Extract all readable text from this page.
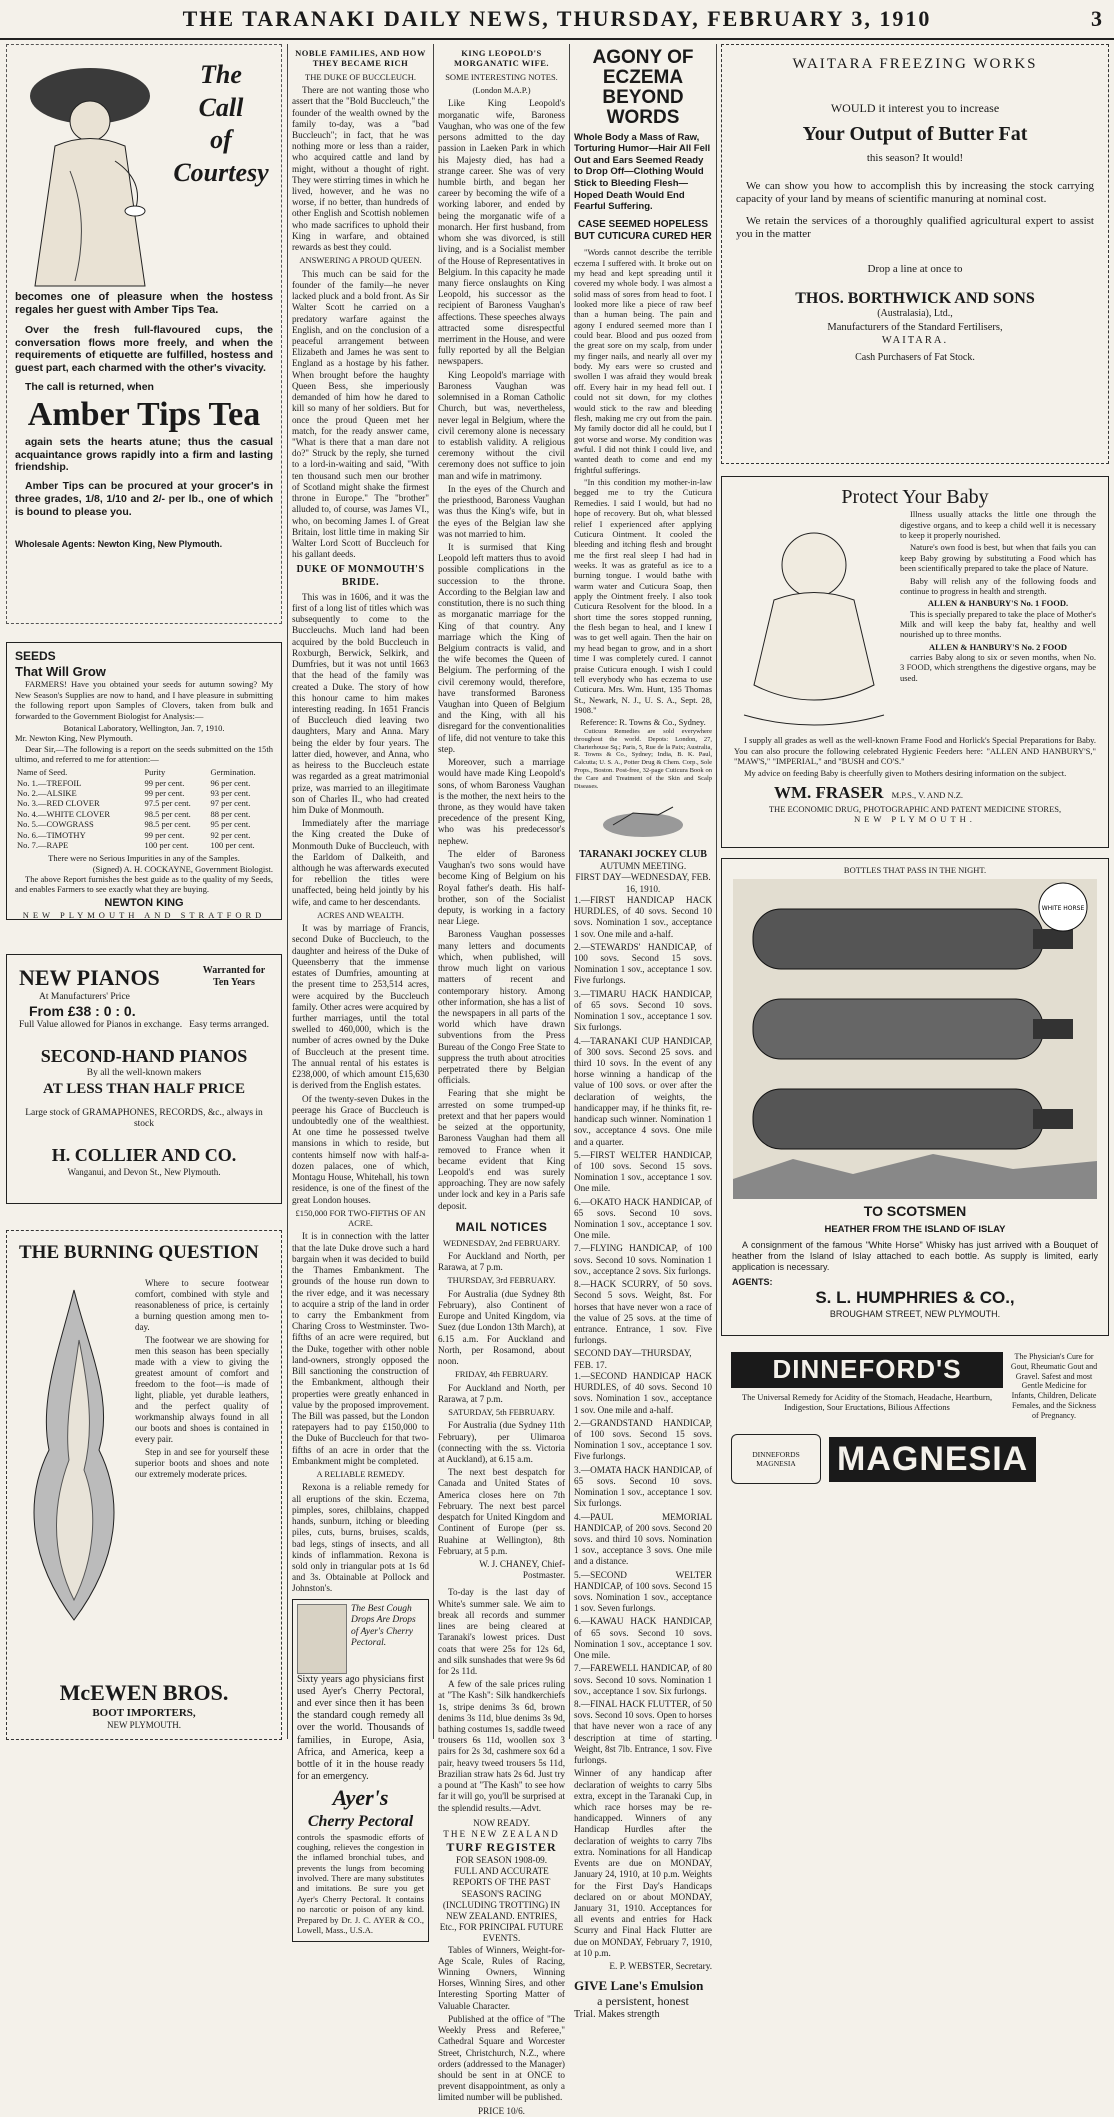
THE TARANAKI DAILY NEWS, THURSDAY, FEBRUARY 3, 1910	3
The
Call
of
Courtesy
becomes one of pleasure when the hostess regales her guest with Amber Tips Tea.

Over the fresh full-flavoured cups, the conversation flows more freely, and when the requirements of etiquette are fulfilled, hostess and guest part, each charmed with the other's vivacity.

The call is returned, when

Amber Tips Tea

again sets the hearts atune; thus the casual acquaintance grows rapidly into a firm and lasting friendship.

Amber Tips can be procured at your grocer's in three grades, 1/8, 1/10 and 2/- per lb., one of which is bound to please you.

Wholesale Agents: Newton King, New Plymouth.
SEEDS
That Will Grow

FARMERS! Have you obtained your seeds for autumn sowing? My New Season's Supplies are now to hand, and I have pleasure in submitting the following report upon Samples of Clovers, taken from bulk and forwarded to the Government Biologist for Analysis:—

Botanical Laboratory, Wellington, Jan. 7, 1910.
Mr. Newton King, New Plymouth.

Dear Sir,—The following is a report on the seeds submitted on the 15th ultimo, and referred to me for attention:—

Name of Seed.	Purity	Germination.
No. 1.—TREFOIL	99 per cent.	96 per cent.
No. 2.—ALSIKE	99 per cent.	93 per cent.
No. 3.—RED CLOVER	97.5 per cent.	97 per cent.
No. 4.—WHITE CLOVER	98.5 per cent.	88 per cent.
No. 5.—COWGRASS	98.5 per cent.	95 per cent.
No. 6.—TIMOTHY	99 per cent.	92 per cent.
No. 7.—RAPE	100 per cent.	100 per cent.
There were no Serious Impurities in any of the Samples.
(Signed) A. H. COCKAYNE, Government Biologist.

The above Report furnishes the best guide as to the quality of my Seeds, and enables Farmers to see exactly what they are buying.

NEWTON KING
NEW PLYMOUTH AND STRATFORD
NEW PIANOS	Warranted for Ten Years
At Manufacturers' Price
From £38 : 0 : 0.
Full Value allowed for Pianos in exchange. Easy terms arranged.
SECOND-HAND PIANOS
By all the well-known makers
AT LESS THAN HALF PRICE
Large stock of GRAMAPHONES, RECORDS, &c., always in stock
H. COLLIER AND CO.
Wanganui, and Devon St., New Plymouth.
THE BURNING QUESTION

Where to secure footwear comfort, combined with style and reasonableness of price, is certainly a burning question among men to-day.

The footwear we are showing for men this season has been specially made with a view to giving the greatest amount of comfort and freedom to the foot—is made of light, pliable, yet durable leathers, and the perfect quality of workmanship always found in all our boots and shoes is contained in every pair.

Step in and see for yourself these superior boots and shoes and note our extremely moderate prices.

McEWEN BROS.
BOOT IMPORTERS,
NEW PLYMOUTH.
NOBLE FAMILIES, AND HOW THEY BECAME RICH
THE DUKE OF BUCCLEUCH.

There are not wanting those who assert that the "Bold Buccleuch," the founder of the wealth owned by the family to-day, was a "bad Buccleuch"; in fact, that he was nothing more or less than a raider, who acquired cattle and land by might, without a thought of right. They were stirring times in which he lived, however, and he was no worse, if no better, than hundreds of other English and Scottish noblemen who made sacrifices to uphold their King in warfare, and obtained rewards as best they could.

ANSWERING A PROUD QUEEN.

This much can be said for the founder of the family—he never lacked pluck and a bold front. As Sir Walter Scott he carried on a predatory warfare against the English, and on the conclusion of a peaceful arrangement between Elizabeth and James he was sent to England as a hostage by his father. When brought before the haughty Queen Bess, she imperiously demanded of him how he dared to kill so many of her soldiers. But for once the proud Queen met her match, for the ready answer came, "What is there that a man dare not do?" Struck by the reply, she turned to a lord-in-waiting and said, "With ten thousand such men our brother of Scotland might shake the firmest throne in Europe." The "brother" alluded to, of course, was James VI., who, on becoming James I. of Great Britain, lost little time in making Sir Walter Lord Scott of Buccleuch for his gallant deeds.

DUKE OF MONMOUTH'S BRIDE.

This was in 1606, and it was the first of a long list of titles which was subsequently to come to the Buccleuchs. Much land had been acquired by the bold Buccleuch in Roxburgh, Berwick, Selkirk, and Dumfries, but it was not until 1663 that the head of the family was created a Duke. The story of how this honour came to him makes interesting reading. In 1651 Francis of Buccleuch died leaving two daughters, Mary and Anna. Mary being the elder by four years. The latter died, however, and Anna, who as heiress to the Buccleuch estate was regarded as a great matrimonial prize, was married to an illegitimate son of Charles II., who had created him Duke of Monmouth.

Immediately after the marriage the King created the Duke of Monmouth Duke of Buccleuch, with the Earldom of Dalkeith, and although he was afterwards executed for rebellion the titles were unaffected, being held jointly by his wife, and came to her descendants.

ACRES AND WEALTH.

It was by marriage of Francis, second Duke of Buccleuch, to the daughter and heiress of the Duke of Queensberry that the immense estates of Dumfries, amounting at the present time to 253,514 acres, were acquired by the Buccleuch family. Other acres were acquired by further marriages, until the total swelled to 460,000, which is the number of acres owned by the Duke of Buccleuch at the present time. The annual rental of his estates is £238,000, of which amount £15,630 is derived from the English estates.

Of the twenty-seven Dukes in the peerage his Grace of Buccleuch is undoubtedly one of the wealthiest. At one time he possessed twelve mansions in which to reside, but contents himself now with half-a-dozen palaces, one of which, Montagu House, Whitehall, his town residence, is one of the finest of the great London houses.

£150,000 FOR TWO-FIFTHS OF AN ACRE.

It is in connection with the latter that the late Duke drove such a hard bargain when it was decided to build the Thames Embankment. The grounds of the house run down to the river edge, and it was necessary to acquire a strip of the land in order to carry the Embankment from Charing Cross to Westminster. Two-fifths of an acre were required, but the Duke, together with other noble land-owners, strongly opposed the Bill sanctioning the construction of the Embankment, although their properties were greatly enhanced in value by the proposed improvement. The Bill was passed, but the London ratepayers had to pay £150,000 to the Duke of Buccleuch for that two-fifths of an acre in order that the Embankment might be completed.

A RELIABLE REMEDY.

Rexona is a reliable remedy for all eruptions of the skin. Eczema, pimples, sores, chilblains, chapped hands, sunburn, itching or bleeding piles, cuts, burns, bruises, scalds, bad legs, stings of insects, and all kinds of inflammation. Rexona is sold only in triangular pots at 1s 6d and 3s. Obtainable at Pollock and Johnston's.

The Best Cough Drops Are Drops of Ayer's Cherry Pectoral.

Sixty years ago physicians first used Ayer's Cherry Pectoral, and ever since then it has been the standard cough remedy all over the world. Thousands of families, in Europe, Asia, Africa, and America, keep a bottle of it in the house ready for an emergency.

Ayer's
Cherry Pectoral

controls the spasmodic efforts of coughing, relieves the congestion in the inflamed bronchial tubes, and prevents the lungs from becoming involved. There are many substitutes and imitations. Be sure you get Ayer's Cherry Pectoral. It contains no narcotic or poison of any kind. Prepared by Dr. J. C. AYER & CO., Lowell, Mass., U.S.A.

KING LEOPOLD'S MORGANATIC WIFE.
SOME INTERESTING NOTES.
(London M.A.P.)

Like King Leopold's morganatic wife, Baroness Vaughan, who was one of the few persons admitted to the day passion in Laeken Park in which his Majesty died, has had a strange career. She was of very humble birth, and began her career by becoming the wife of a working laborer, and ended by being the morganatic wife of a monarch. Her first husband, from whom she was divorced, is still living, and is a Socialist member of the House of Representatives in Belgium. In this capacity he made many fierce onslaughts on King Leopold, his successor as the recipient of Baroness Vaughan's affections. These speeches always attracted some disrespectful merriment in the House, and were fully reported by all the Belgian newspapers.

King Leopold's marriage with Baroness Vaughan was solemnised in a Roman Catholic Church, but was, nevertheless, never legal in Belgium, where the civil ceremony alone is necessary to establish validity. A religious ceremony without the civil ceremony does not suffice to join man and wife in matrimony.

In the eyes of the Church and the priesthood, Baroness Vaughan was thus the King's wife, but in the eyes of the Belgian law she was not married to him.

It is surmised that King Leopold left matters thus to avoid possible complications in the succession to the throne. According to the Belgian law and constitution, there is no such thing as morganatic marriage for the King of that country. Any marriage which the King of Belgium contracts is valid, and the wife becomes the Queen of Belgium. The performing of the civil ceremony would, therefore, have transformed Baroness Vaughan into Queen of Belgium and the King, with all his disregard for the conventionalities of life, did not venture to take this step.

Moreover, such a marriage would have made King Leopold's sons, of whom Baroness Vaughan is the mother, the next heirs to the throne, as they would have taken precedence of the present King, who was his predecessor's nephew.

The elder of Baroness Vaughan's two sons would have become King of Belgium on his Royal father's death. His half-brother, son of the Socialist deputy, is working in a factory near Liege.

Baroness Vaughan possesses many letters and documents which, when published, will throw much light on various matters of recent and contemporary history. Among other information, she has a list of the newspapers in all parts of the world which have drawn subventions from the Press Bureau of the Congo Free State to suppress the truth about atrocities perpetrated there by Belgian officials.

Fearing that she might be arrested on some trumped-up pretext and that her papers would be seized at the opportunity, Baroness Vaughan had them all removed to France when it became evident that King Leopold's end was surely approaching. They are now safely under lock and key in a Paris safe deposit.

MAIL NOTICES
WEDNESDAY, 2nd FEBRUARY.

For Auckland and North, per Rarawa, at 7 p.m.

THURSDAY, 3rd FEBRUARY.

For Australia (due Sydney 8th February), also Continent of Europe and United Kingdom, via Suez (due London 13th March), at 6.15 a.m. For Auckland and North, per Rosamond, about noon.

FRIDAY, 4th FEBRUARY.

For Auckland and North, per Rarawa, at 7 p.m.

SATURDAY, 5th FEBRUARY.

For Australia (due Sydney 11th February), per Ulimaroa (connecting with the ss. Victoria at Auckland), at 6.15 a.m.

The next best despatch for Canada and United States of America closes here on 7th February. The next best parcel despatch for United Kingdom and Continent of Europe (per ss. Ruahine at Wellington), 8th February, at 5 p.m.

W. J. CHANEY, Chief-Postmaster.

To-day is the last day of White's summer sale. We aim to break all records and summer lines are being cleared at Taranaki's lowest prices. Dust coats that were 25s for 12s 6d, and silk sunshades that were 9s 6d for 2s 11d.

A few of the sale prices ruling at "The Kash": Silk handkerchiefs 1s, stripe denims 3s 6d, brown denims 3s 11d, blue denims 3s 9d, bathing costumes 1s, saddle tweed trousers 6s 11d, woollen sox 3 pairs for 2s 3d, cashmere sox 6d a pair, heavy tweed trousers 5s 11d, Brazilian straw hats 2s 6d. Just try a pound at "The Kash" to see how far it will go, you'll be surprised at the splendid results.—Advt.

NOW READY.
THE NEW ZEALAND
TURF REGISTER
FOR SEASON 1908-09.
FULL AND ACCURATE REPORTS OF THE PAST SEASON'S RACING (INCLUDING TROTTING) IN NEW ZEALAND. ENTRIES, Etc., FOR PRINCIPAL FUTURE EVENTS.

Tables of Winners, Weight-for-Age Scale, Rules of Racing, Winning Owners, Winning Horses, Winning Sires, and other Interesting Sporting Matter of Valuable Character.

Published at the office of "The Weekly Press and Referee," Cathedral Square and Worcester Street, Christchurch, N.Z., where orders (addressed to the Manager) should be sent in at ONCE to prevent disappointment, as only a limited number will be published.

PRICE 10/6.
AGONY OF ECZEMA
BEYOND WORDS
Whole Body a Mass of Raw, Torturing Humor—Hair All Fell Out and Ears Seemed Ready to Drop Off—Clothing Would Stick to Bleeding Flesh—Hoped Death Would End Fearful Suffering.
CASE SEEMED HOPELESS BUT CUTICURA CURED HER

"Words cannot describe the terrible eczema I suffered with. It broke out on my head and kept spreading until it covered my whole body. I was almost a solid mass of sores from head to foot. I looked more like a piece of raw beef than a human being. The pain and agony I endured seemed more than I could bear. Blood and pus oozed from the great sore on my scalp, from under my finger nails, and nearly all over my body. My ears were so crusted and swollen I was afraid they would break off. Every hair in my head fell out. I could not sit down, for my clothes would stick to the raw and bleeding flesh, making me cry out from the pain. My family doctor did all he could, but I got worse and worse. My condition was awful. I did not think I could live, and wanted death to come and end my frightful sufferings.

"In this condition my mother-in-law begged me to try the Cuticura Remedies. I said I would, but had no hope of recovery. But oh, what blessed relief I experienced after applying Cuticura Ointment. It cooled the bleeding and itching flesh and brought me the first real sleep I had had in weeks. It was as grateful as ice to a burning tongue. I would bathe with warm water and Cuticura Soap, then apply the Ointment freely. I also took Cuticura Resolvent for the blood. In a short time the sores stopped running, the flesh began to heal, and I knew I was to get well again. Then the hair on my head began to grow, and in a short time I was completely cured. I cannot praise Cuticura enough. I wish I could tell everybody who has eczema to use Cuticura. Mrs. Wm. Hunt, 135 Thomas St., Newark, N. J., U. S. A., Sept. 28, 1908."

Reference: R. Towns & Co., Sydney.

Cuticura Remedies are sold everywhere throughout the world. Depots: London, 27, Charterhouse Sq.; Paris, 5, Rue de la Paix; Australia, R. Towns & Co., Sydney; India, B. K. Paul, Calcutta; U. S. A., Potter Drug & Chem. Corp., Sole Props., Boston. Post-free, 32-page Cuticura Book on the Care and Treatment of the Skin and Scalp Diseases.

TARANAKI JOCKEY CLUB
AUTUMN MEETING.
FIRST DAY—WEDNESDAY, FEB. 16, 1910.

1.—FIRST HANDICAP HACK HURDLES, of 40 sovs. Second 10 sovs. Nomination 1 sov., acceptance 1 sov. One mile and a-half.

2.—STEWARDS' HANDICAP, of 100 sovs. Second 15 sovs. Nomination 1 sov., acceptance 1 sov. Five furlongs.

3.—TIMARU HACK HANDICAP, of 65 sovs. Second 10 sovs. Nomination 1 sov., acceptance 1 sov. Six furlongs.

4.—TARANAKI CUP HANDICAP, of 300 sovs. Second 25 sovs. and third 10 sovs. In the event of any horse winning a handicap of the value of 100 sovs. or over after the declaration of weights, the handicapper may, if he thinks fit, re-handicap such winner. Nomination 1 sov., acceptance 4 sovs. One mile and a quarter.

5.—FIRST WELTER HANDICAP, of 100 sovs. Second 15 sovs. Nomination 1 sov., acceptance 1 sov. One mile.

6.—OKATO HACK HANDICAP, of 65 sovs. Second 10 sovs. Nomination 1 sov., acceptance 1 sov. One mile.

7.—FLYING HANDICAP, of 100 sovs. Second 10 sovs. Nomination 1 sov., acceptance 2 sovs. Six furlongs.

8.—HACK SCURRY, of 50 sovs. Second 5 sovs. Weight, 8st. For horses that have never won a race of the value of 25 sovs. at the time of entrance. Entrance, 1 sov. Five furlongs.

SECOND DAY—THURSDAY, FEB. 17.

1.—SECOND HANDICAP HACK HURDLES, of 40 sovs. Second 10 sovs. Nomination 1 sov., acceptance 1 sov. One mile and a-half.

2.—GRANDSTAND HANDICAP, of 100 sovs. Second 15 sovs. Nomination 1 sov., acceptance 1 sov. Five furlongs.

3.—OMATA HACK HANDICAP, of 65 sovs. Second 10 sovs. Nomination 1 sov., acceptance 1 sov. Six furlongs.

4.—PAUL MEMORIAL HANDICAP, of 200 sovs. Second 20 sovs. and third 10 sovs. Nomination 1 sov., acceptance 3 sovs. One mile and a distance.

5.—SECOND WELTER HANDICAP, of 100 sovs. Second 15 sovs. Nomination 1 sov., acceptance 1 sov. Seven furlongs.

6.—KAWAU HACK HANDICAP, of 65 sovs. Second 10 sovs. Nomination 1 sov., acceptance 1 sov. One mile.

7.—FAREWELL HANDICAP, of 80 sovs. Second 10 sovs. Nomination 1 sov., acceptance 1 sov. Six furlongs.

8.—FINAL HACK FLUTTER, of 50 sovs. Second 10 sovs. Open to horses that have never won a race of any description at time of starting. Weight, 8st 7lb. Entrance, 1 sov. Five furlongs.

Winner of any handicap after declaration of weights to carry 5lbs extra, except in the Taranaki Cup, in which race horses may be re-handicapped. Winners of any Handicap Hurdles after the declaration of weights to carry 7lbs extra. Nominations for all Handicap Events are due on MONDAY, January 24, 1910, at 10 p.m. Weights for the First Day's Handicaps declared on or about MONDAY, January 31, 1910. Acceptances for all events and entries for Hack Scurry and Final Hack Flutter are due on MONDAY, February 7, 1910, at 10 p.m.

E. P. WEBSTER, Secretary.
GIVE Lane's Emulsion
a persistent, honest
Trial. Makes strength
WAITARA FREEZING WORKS
WOULD it interest you to increase
Your Output of Butter Fat
this season? It would!

We can show you how to accomplish this by increasing the stock carrying capacity of your land by means of scientific manuring at nominal cost.

We retain the services of a thoroughly qualified agricultural expert to assist you in the matter

Drop a line at once to
THOS. BORTHWICK AND SONS
(Australasia), Ltd.,
Manufacturers of the Standard Fertilisers,
WAITARA.
Cash Purchasers of Fat Stock.
Protect Your Baby

Illness usually attacks the little one through the digestive organs, and to keep a child well it is necessary to keep it properly nourished.

Nature's own food is best, but when that fails you can keep Baby growing by substituting a Food which has been scientifically prepared to take the place of Nature.

Baby will relish any of the following foods and continue to progress in health and strength.

ALLEN & HANBURY'S No. 1 FOOD.

This is specially prepared to take the place of Mother's Milk and will keep the baby fat, healthy and well nourished up to three months.

ALLEN & HANBURY'S No. 2 FOOD

carries Baby along to six or seven months, when No. 3 FOOD, which strengthens the digestive organs, may be used.

I supply all grades as well as the well-known Frame Food and Horlick's Special Preparations for Baby. You can also procure the following celebrated Hygienic Feeders here: "ALLEN AND HANBURY'S," "MAW'S," "IMPERIAL," and "BUSH and CO'S."

My advice on feeding Baby is cheerfully given to Mothers desiring information on the subject.

WM. FRASER M.P.S., V. AND N.Z.
THE ECONOMIC DRUG, PHOTOGRAPHIC AND PATENT MEDICINE STORES,
NEW PLYMOUTH.
BOTTLES THAT PASS IN THE NIGHT.
WHITE HORSE
TO SCOTSMEN
HEATHER FROM THE ISLAND OF ISLAY

A consignment of the famous "White Horse" Whisky has just arrived with a Bouquet of heather from the Island of Islay attached to each bottle. As supply is limited, early application is necessary.

AGENTS:
S. L. HUMPHRIES & CO.,
BROUGHAM STREET, NEW PLYMOUTH.
DINNEFORD'S
The Universal Remedy for Acidity of the Stomach, Headache, Heartburn, Indigestion, Sour Eructations, Bilious Affections
The Physician's Cure for Gout, Rheumatic Gout and Gravel. Safest and most Gentle Medicine for Infants, Children, Delicate Females, and the Sickness of Pregnancy.
DINNEFORDS MAGNESIA	MAGNESIA
